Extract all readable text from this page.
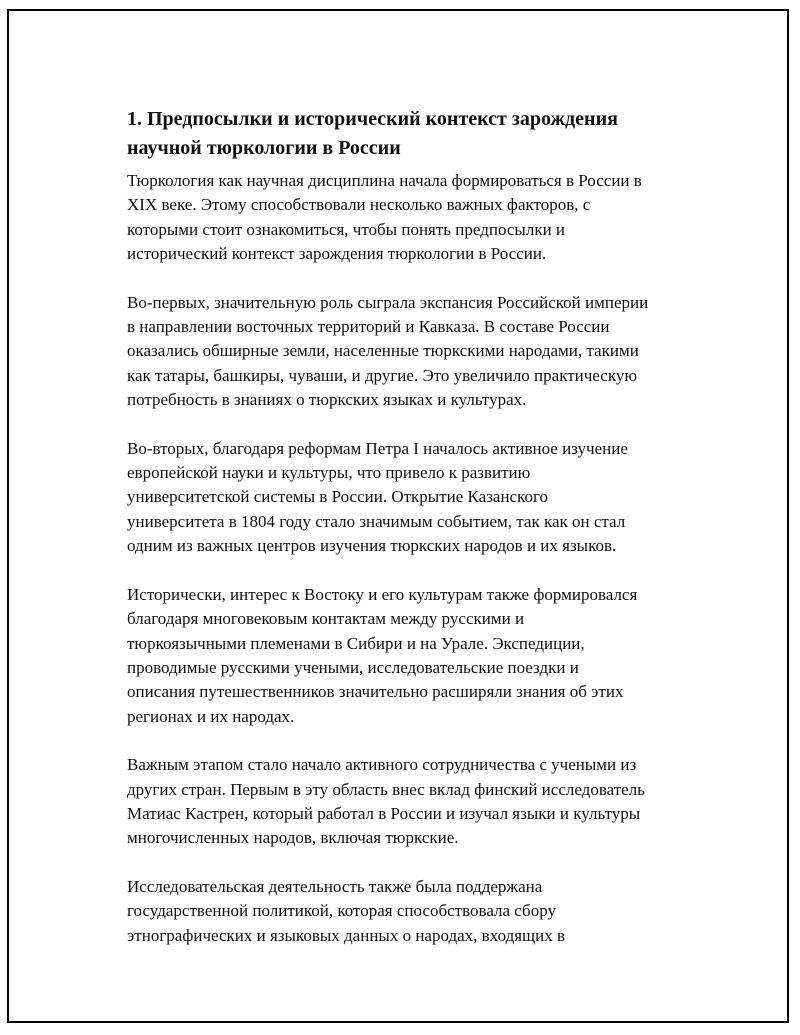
1. Предпосылки и исторический контекст зарождения
научной тюркологии в России

Тюркология как научная дисциплина начала формироваться в России в
XIX веке. Этому способствовали несколько важных факторов, с
которыми стоит ознакомиться, чтобы понять предпосылки и
исторический контекст зарождения тюркологии в России.

Во-первых, значительную роль сыграла экспансия Российской империи
в направлении восточных территорий и Кавказа. В составе России
оказались обширные земли, населенные тюркскими народами, такими
как татары, башкиры, чуваши, и другие. Это увеличило практическую
потребность в знаниях о тюркских языках и культурах.

Во-вторых, благодаря реформам Петра I началось активное изучение
европейской науки и культуры, что привело к развитию
университетской системы в России. Открытие Казанского
университета в 1804 году стало значимым событием, так как он стал
одним из важных центров изучения тюркских народов и их языков.

Исторически, интерес к Востоку и его культурам также формировался
благодаря многовековым контактам между русскими и
тюркоязычными племенами в Сибири и на Урале. Экспедиции,
проводимые русскими учеными, исследовательские поездки и
описания путешественников значительно расширяли знания об этих
регионах и их народах.

Важным этапом стало начало активного сотрудничества с учеными из
других стран. Первым в эту область внес вклад финский исследователь
Матиас Кастрен, который работал в России и изучал языки и культуры
многочисленных народов, включая тюркские.

Исследовательская деятельность также была поддержана
государственной политикой, которая способствовала сбору
этнографических и языковых данных о народах, входящих в
